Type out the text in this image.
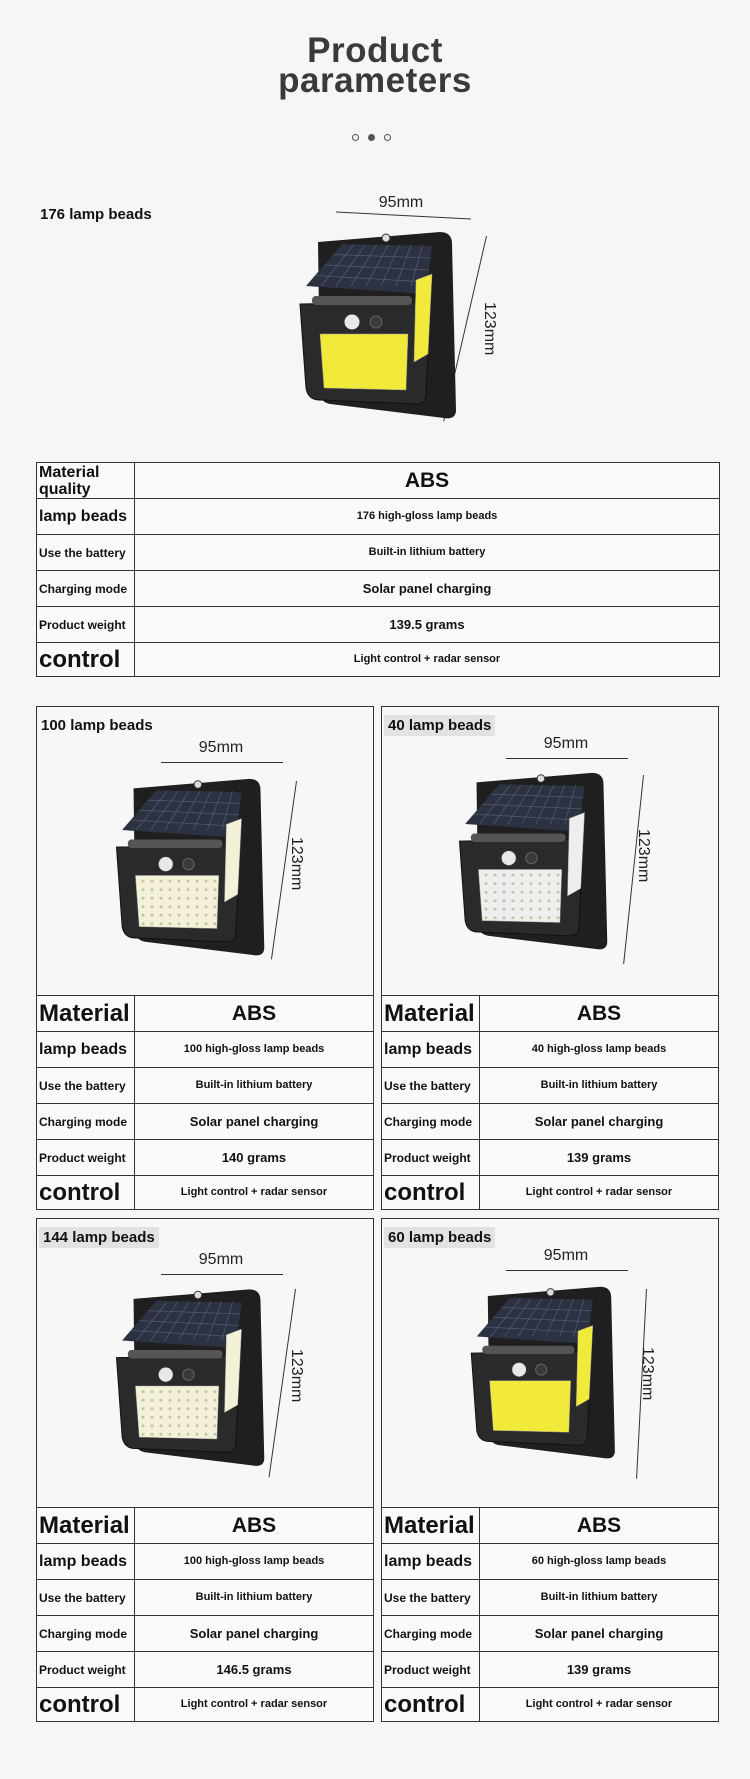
Product
parameters
176 lamp beads
95mm
123mm
Material quality	ABS
lamp beads	176 high-gloss lamp beads
Use the battery	Built-in lithium battery
Charging mode	Solar panel charging
Product weight	139.5 grams
control	Light control + radar sensor
100 lamp beads
95mm
123mm
Material	ABS
lamp beads	100 high-gloss lamp beads
Use the battery	Built-in lithium battery
Charging mode	Solar panel charging
Product weight	140 grams
control	Light control + radar sensor
40 lamp beads
95mm
123mm
Material	ABS
lamp beads	40 high-gloss lamp beads
Use the battery	Built-in lithium battery
Charging mode	Solar panel charging
Product weight	139 grams
control	Light control + radar sensor
144 lamp beads
95mm
123mm
Material	ABS
lamp beads	100 high-gloss lamp beads
Use the battery	Built-in lithium battery
Charging mode	Solar panel charging
Product weight	146.5 grams
control	Light control + radar sensor
60 lamp beads
95mm
123mm
Material	ABS
lamp beads	60 high-gloss lamp beads
Use the battery	Built-in lithium battery
Charging mode	Solar panel charging
Product weight	139 grams
control	Light control + radar sensor
